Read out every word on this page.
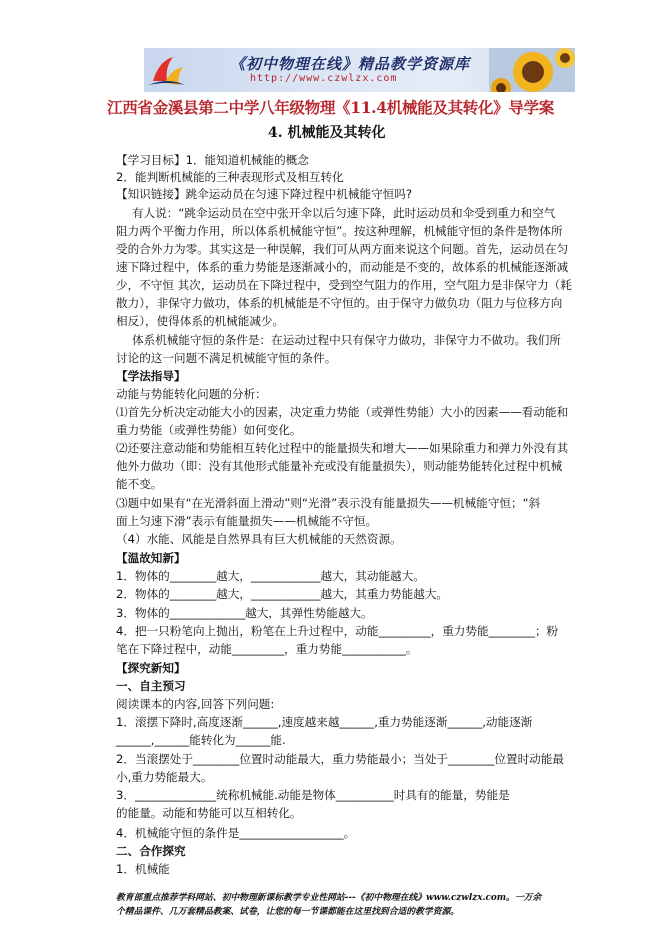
《初中物理在线》精品教学资源库
http://www.czwlzx.com
江西省金溪县第二中学八年级物理《11.4机械能及其转化》导学案
4. 机械能及其转化
【学习目标】1．能知道机械能的概念
2．能判断机械能的三种表现形式及相互转化
【知识链接】跳伞运动员在匀速下降过程中机械能守恒吗?
有人说：“跳伞运动员在空中张开伞以后匀速下降，此时运动员和伞受到重力和空气
阻力两个平衡力作用，所以体系机械能守恒”。按这种理解，机械能守恒的条件是物体所
受的合外力为零。其实这是一种误解，我们可从两方面来说这个问题。首先，运动员在匀
速下降过程中，体系的重力势能是逐渐减小的，而动能是不变的，故体系的机械能逐渐减
少，不守恒 其次，运动员在下降过程中，受到空气阻力的作用，空气阻力是非保守力（耗
散力），非保守力做功，体系的机械能是不守恒的。由于保守力做负功（阻力与位移方向
相反），使得体系的机械能减少。
体系机械能守恒的条件是：在运动过程中只有保守力做功，非保守力不做功。我们所
讨论的这一问题不满足机械能守恒的条件。
【学法指导】
动能与势能转化问题的分析：
⑴首先分析决定动能大小的因素，决定重力势能（或弹性势能）大小的因素——看动能和
重力势能（或弹性势能）如何变化。
⑵还要注意动能和势能相互转化过程中的能量损失和增大——如果除重力和弹力外没有其
他外力做功（即：没有其他形式能量补充或没有能量损失），则动能势能转化过程中机械
能不变。
⑶题中如果有“在光滑斜面上滑动”则“光滑”表示没有能量损失——机械能守恒；“斜
面上匀速下滑”表示有能量损失——机械能不守恒。
（4）水能、风能是自然界具有巨大机械能的天然资源。
【温故知新】
1．物体的________越大，____________越大，其动能越大。
2．物体的________越大，____________越大，其重力势能越大。
3．物体的_____________越大，其弹性势能越大。
4．把一只粉笔向上抛出，粉笔在上升过程中，动能_________，重力势能________；粉
笔在下降过程中，动能_________，重力势能___________。
【探究新知】
一、自主预习
阅读课本的内容,回答下列问题:
1．滚摆下降时,高度逐渐______,速度越来越______,重力势能逐渐______,动能逐渐
______,______能转化为______能.
2．当滚摆处于________位置时动能最大，重力势能最小；当处于________位置时动能最
小,重力势能最大。
3．______________统称机械能.动能是物体__________时具有的能量，势能是
的能量。动能和势能可以互相转化。
4．机械能守恒的条件是__________________。
二、合作探究
1．机械能
教育部重点推荐学科网站、初中物理新课标教学专业性网站---《初中物理在线》www.czwlzx.com。一万余
个精品课件、几万套精品教案、试卷，让您的每一节课都能在这里找到合适的教学资源。
